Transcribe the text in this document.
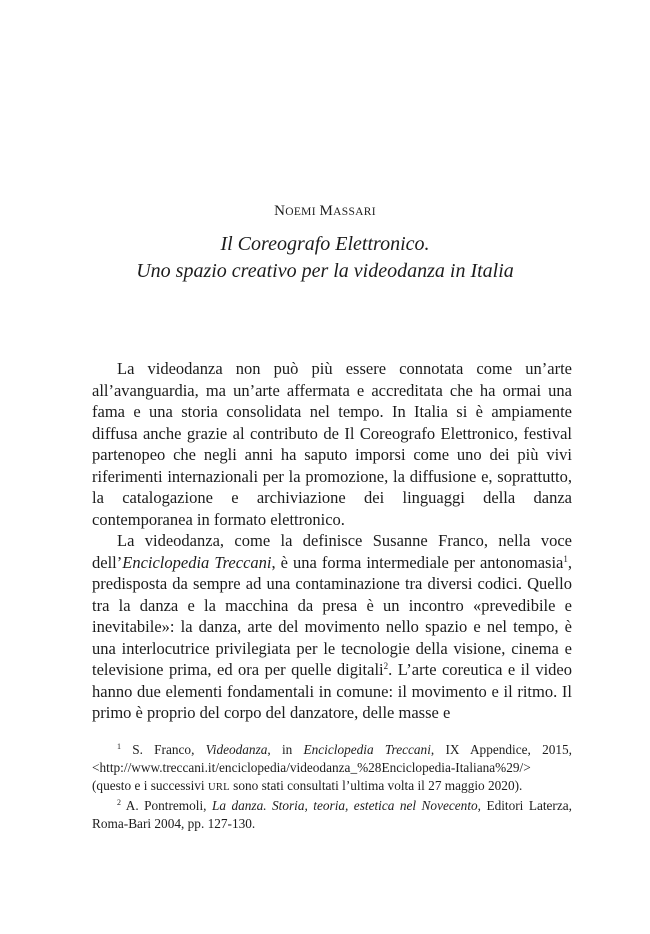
NOEMI MASSARI
Il Coreografo Elettronico.
Uno spazio creativo per la videodanza in Italia

La videodanza non può più essere connotata come un’arte all’avanguardia, ma un’arte affermata e accreditata che ha ormai una fama e una storia consolidata nel tempo. In Italia si è ampiamente diffusa anche grazie al contributo de Il Coreografo Elettronico, festival partenopeo che negli anni ha saputo imporsi come uno dei più vivi riferimenti internazionali per la promozione, la diffusione e, soprattutto, la catalogazione e archiviazione dei linguaggi della danza contemporanea in formato elettronico.

La videodanza, come la definisce Susanne Franco, nella voce dell’Enciclopedia Treccani, è una forma intermediale per antonomasia$^1$, predisposta da sempre ad una contaminazione tra diversi codici. Quello tra la danza e la macchina da presa è un incontro «prevedibile e inevitabile»: la danza, arte del movimento nello spazio e nel tempo, è una interlocutrice privilegiata per le tecnologie della visione, cinema e televisione prima, ed ora per quelle digitali$^2$. L’arte coreutica e il video hanno due elementi fondamentali in comune: il movimento e il ritmo. Il primo è proprio del corpo del danzatore, delle masse e

$^1$ S. Franco, Videodanza, in Enciclopedia Treccani, IX Appendice, 2015, <http://www.treccani.it/enciclopedia/videodanza_%28Enciclopedia-Italiana%29/> (questo e i successivi URL sono stati consultati l’ultima volta il 27 maggio 2020).

$^2$ A. Pontremoli, La danza. Storia, teoria, estetica nel Novecento, Editori Laterza, Roma-Bari 2004, pp. 127-130.
